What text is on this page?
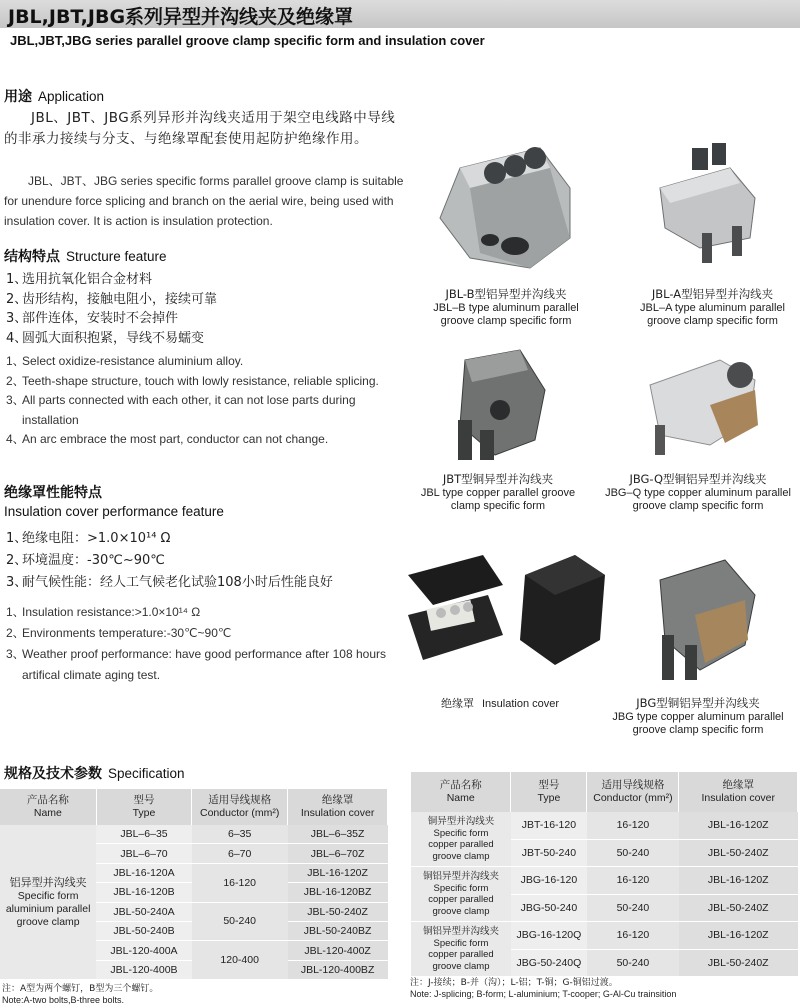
JBL,JBT,JBG系列异型并沟线夹及绝缘罩
JBL,JBT,JBG series parallel groove clamp specific form and insulation cover
用途 Application
JBL、JBT、JBG系列异形并沟线夹适用于架空电线路中导线的非承力接续与分支、与绝缘罩配套使用起防护绝缘作用。
JBL、JBT、JBG series specific forms parallel groove clamp is suitable for unendure force splicing and branch on the aerial wire, being used with insulation cover. It is action is insulation protection.
结构特点 Structure feature
1、
选用抗氧化铝合金材料
2、
齿形结构，接触电阻小，接续可靠
3、
部件连体，安装时不会掉件
4、
圆弧大面积抱紧，导线不易蠕变
1、
Select oxidize-resistance aluminium alloy.
2、
Teeth-shape structure, touch with lowly resistance, reliable splicing.
3、
All parts connected with each other, it can not lose parts during installation
4、
An arc embrace the most part, conductor can not change.
绝缘罩性能特点
Insulation cover performance feature
1、
绝缘电阻：>1.0×10¹⁴ Ω
2、
环境温度：-30℃~90℃
3、
耐气候性能：经人工气候老化试验108小时后性能良好
1、
Insulation resistance:>1.0×10¹⁴ Ω
2、
Environments temperature:-30℃~90℃
3、
Weather proof performance: have good performance after 108 hours artifical climate aging test.
JBL-B型铝异型并沟线夹
JBL–B type aluminum parallel groove clamp specific form
JBL-A型铝异型并沟线夹
JBL–A type aluminum parallel groove clamp specific form
JBT型铜异型并沟线夹
JBL type copper parallel groove clamp specific form
JBG-Q型铜铝异型并沟线夹
JBG–Q type copper aluminum parallel groove clamp specific form
绝缘罩 Insulation cover	JBG型铜铝异型并沟线夹
JBG type copper aluminum parallel groove clamp specific form
规格及技术参数 Specification
产品名称
Name	型号
Type	适用导线规格
Conductor (mm²)	绝缘罩
Insulation cover
铝异型并沟线夹
Specific form aluminium parallel groove clamp	JBL–6–35	6–35	JBL–6–35Z
	JBL–6–70	6–70	JBL–6–70Z
	JBL-16-120A	16-120	JBL-16-120Z
	JBL-16-120B		JBL-16-120BZ
	JBL-50-240A	50-240	JBL-50-240Z
	JBL-50-240B		JBL-50-240BZ
	JBL-120-400A	120-400	JBL-120-400Z
	JBL-120-400B		JBL-120-400BZ
注：A型为两个螺钉，B型为三个螺钉。
Note:A-two bolts,B-three bolts.
产品名称
Name	型号
Type	适用导线规格
Conductor (mm²)	绝缘罩
Insulation cover
铜异型并沟线夹
Specific form copper paralled groove clamp	JBT-16-120	16-120	JBL-16-120Z
	JBT-50-240	50-240	JBL-50-240Z
铜铝异型并沟线夹
Specific form copper paralled groove clamp	JBG-16-120	16-120	JBL-16-120Z
	JBG-50-240	50-240	JBL-50-240Z
铜铝异型并沟线夹
Specific form copper paralled groove clamp	JBG-16-120Q	16-120	JBL-16-120Z
	JBG-50-240Q	50-240	JBL-50-240Z
注：J-接续；B-并（沟）；L-铝；T-铜；G-铜铝过渡。
Note: J-splicing; B-form; L-aluminium; T-cooper; G-Al-Cu trainsition
